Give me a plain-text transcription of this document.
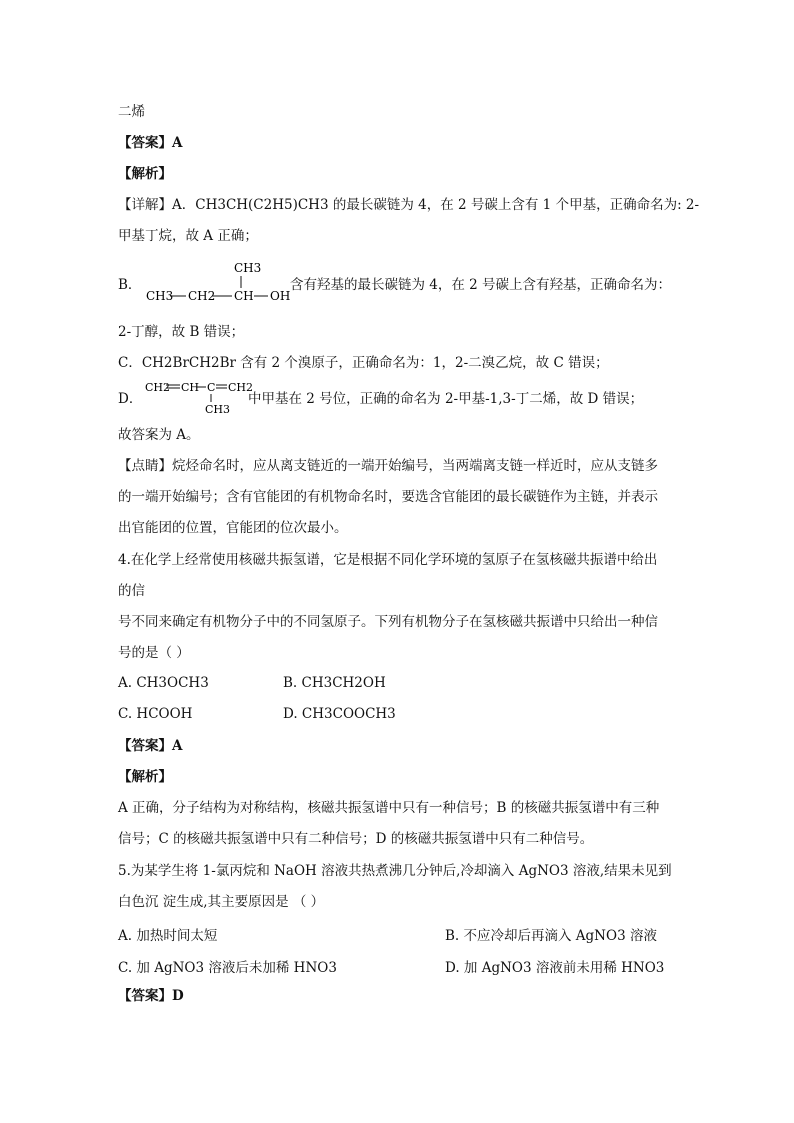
二烯
【答案】A
【解析】
【详解】A．CH3CH(C2H5)CH3 的最长碳链为 4，在 2 号碳上含有 1 个甲基，正确命名为: 2-
甲基丁烷，故 A 正确；
B．
CH3
CH3 CH2 CH OH
含有羟基的最长碳链为 4，在 2 号碳上含有羟基，正确命名为：
2-丁醇，故 B 错误；
C．CH2BrCH2Br 含有 2 个溴原子，正确命名为：1，2-二溴乙烷，故 C 错误；
D．
CH2 CH C CH2
CH3
中甲基在 2 号位，正确的命名为 2-甲基-1,3-丁二烯，故 D 错误；
故答案为 A。
【点睛】烷烃命名时，应从离支链近的一端开始编号，当两端离支链一样近时，应从支链多
的一端开始编号；含有官能团的有机物命名时，要选含官能团的最长碳链作为主链，并表示
出官能团的位置，官能团的位次最小。
4.在化学上经常使用核磁共振氢谱，它是根据不同化学环境的氢原子在氢核磁共振谱中给出
的信
号不同来确定有机物分子中的不同氢原子。下列有机物分子在氢核磁共振谱中只给出一种信
号的是（ ）
A. CH3OCH3	B. CH3CH2OH
C. HCOOH	D. CH3COOCH3
【答案】A
【解析】
A 正确，分子结构为对称结构，核磁共振氢谱中只有一种信号；B 的核磁共振氢谱中有三种
信号；C 的核磁共振氢谱中只有二种信号；D 的核磁共振氢谱中只有二种信号。
5.为某学生将 1-氯丙烷和 NaOH 溶液共热煮沸几分钟后,冷却滴入 AgNO3 溶液,结果未见到
白色沉 淀生成,其主要原因是 （ ）
A. 加热时间太短	B. 不应冷却后再滴入 AgNO3 溶液
C. 加 AgNO3 溶液后未加稀 HNO3	D. 加 AgNO3 溶液前未用稀 HNO3
【答案】D
